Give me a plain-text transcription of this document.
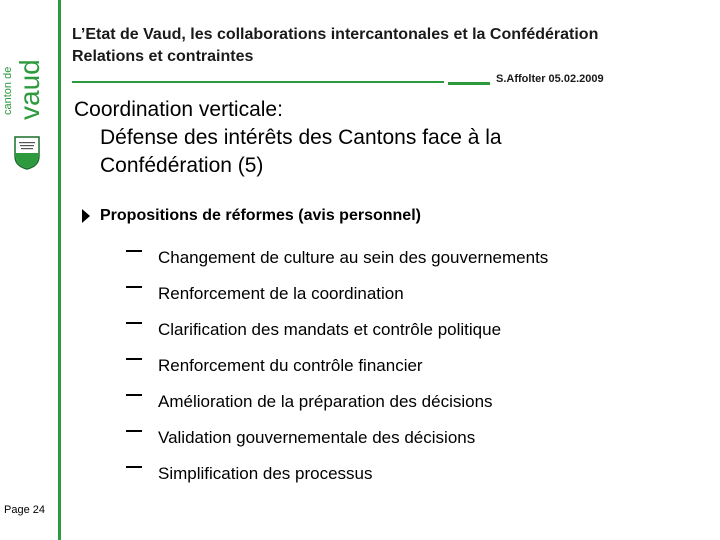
canton de vaud
L’Etat de Vaud, les collaborations intercantonales et la Confédération
Relations et contraintes
S.Affolter 05.02.2009
Coordination verticale:
Défense des intérêts des Cantons face à la
Confédération (5)
Propositions de réformes (avis personnel)
Changement de culture au sein des gouvernements
Renforcement de la coordination
Clarification des mandats et contrôle politique
Renforcement du contrôle financier
Amélioration de la préparation des décisions
Validation gouvernementale des décisions
Simplification des processus
Page 24
